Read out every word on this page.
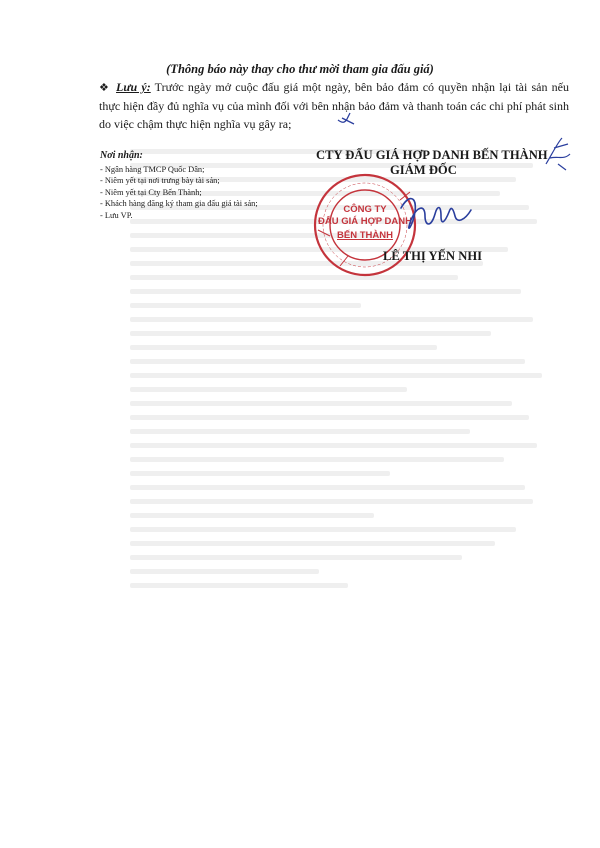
(Thông báo này thay cho thư mời tham gia đấu giá)
❖ Lưu ý: Trước ngày mở cuộc đấu giá một ngày, bên bảo đảm có quyền nhận lại tài sản nếu thực hiện đầy đủ nghĩa vụ của mình đối với bên nhận bảo đảm và thanh toán các chi phí phát sinh do việc chậm thực hiện nghĩa vụ gây ra;
Nơi nhận:
- Ngân hàng TMCP Quốc Dân;
- Niêm yết tại nơi trưng bày tài sản;
- Niêm yết tại Cty Bến Thành;
- Khách hàng đăng ký tham gia đấu giá tài sản;
- Lưu VP.
CTY ĐẤU GIÁ HỢP DANH BẾN THÀNH
GIÁM ĐỐC
CÔNG TY
ĐẤU GIÁ HỢP DANH
BẾN THÀNH
LÊ THỊ YẾN NHI
